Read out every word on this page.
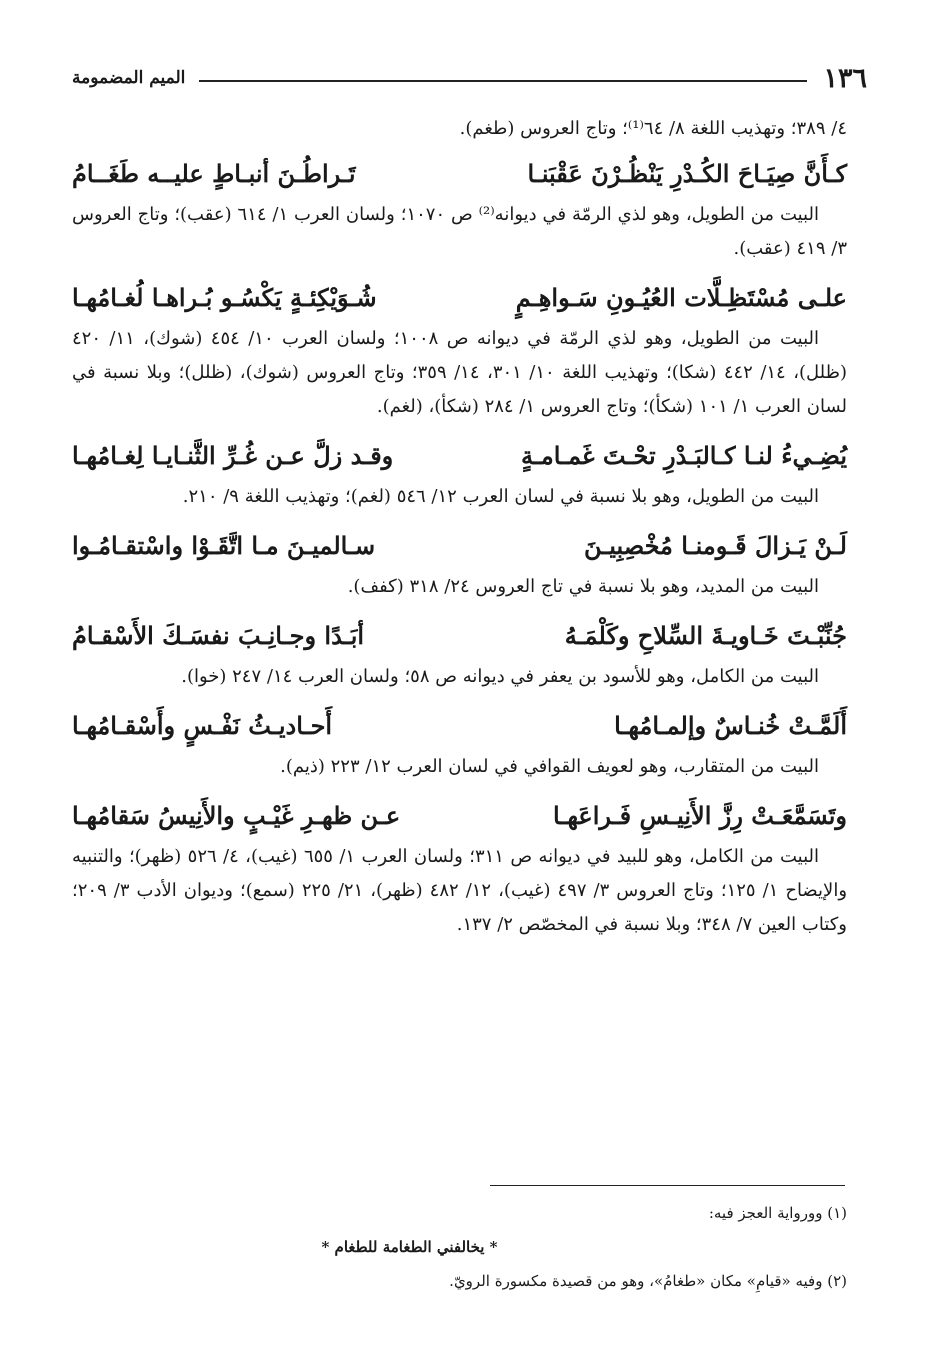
١٣٦
الميم المضمومة

٤/ ٣٨٩؛ وتهذيب اللغة ٨/ ٦٤⁽¹⁾؛ وتاج العروس (طغم).

كـأَنَّ صِيَـاحَ الكُـدْرِ يَنْظُـرْنَ عَقْبَنـا
تَـراطُـنَ أنبـاطٍ عليــه طَغَــامُ

البيت من الطويل، وهو لذي الرمّة في ديوانه⁽²⁾ ص ١٠٧٠؛ ولسان العرب ١/ ٦١٤ (عقب)؛ وتاج العروس ٣/ ٤١٩ (عقب).

علـى مُسْتَظِـلَّات العُيُـونِ سَـواهِـمٍ
شُـوَيْكِئـةٍ يَكْسُـو بُـراهـا لُغـامُهـا

البيت من الطويل، وهو لذي الرمّة في ديوانه ص ١٠٠٨؛ ولسان العرب ١٠/ ٤٥٤ (شوك)، ١١/ ٤٢٠ (ظلل)، ١٤/ ٤٤٢ (شكا)؛ وتهذيب اللغة ١٠/ ٣٠١، ١٤/ ٣٥٩؛ وتاج العروس (شوك)، (ظلل)؛ وبلا نسبة في لسان العرب ١/ ١٠١ (شكأ)؛ وتاج العروس ١/ ٢٨٤ (شكأ)، (لغم).

يُضِـيءُ لنـا كـالبَـدْرِ تحْـتَ غَمـامـةٍ
وقـد زلَّ عـن غُـرِّ الثَّنـايـا لِغـامُهـا

البيت من الطويل، وهو بلا نسبة في لسان العرب ١٢/ ٥٤٦ (لغم)؛ وتهذيب اللغة ٩/ ٢١٠.

لَـنْ يَـزالَ قَـومنـا مُخْصِبِيـنَ
سـالميـنَ مـا اتَّقَـوْا واسْتقـامُـوا

البيت من المديد، وهو بلا نسبة في تاج العروس ٢٤/ ٣١٨ (كفف).

جُنِّبْـتَ خَـاويـةَ السِّلاحِ وكَلْمَـهُ
أبَـدًا وجـانِـبَ نفسَـكَ الأَسْقـامُ

البيت من الكامل، وهو للأسود بن يعفر في ديوانه ص ٥٨؛ ولسان العرب ١٤/ ٢٤٧ (خوا).

أَلَمَّـتْ خُنـاسٌ وإلمـامُهـا
أَحـاديـثُ نَفْـسٍ وأَسْقـامُهـا

البيت من المتقارب، وهو لعويف القوافي في لسان العرب ١٢/ ٢٢٣ (ذيم).

وتَسَمَّعَـتْ رِزَّ الأَنِيـسِ فَـراعَهـا
عـن ظهـرِ غَيْـبٍ والأَنِيسُ سَقامُهـا

البيت من الكامل، وهو للبيد في ديوانه ص ٣١١؛ ولسان العرب ١/ ٦٥٥ (غيب)، ٤/ ٥٢٦ (ظهر)؛ والتنبيه والإيضاح ١/ ١٢٥؛ وتاج العروس ٣/ ٤٩٧ (غيب)، ١٢/ ٤٨٢ (ظهر)، ٢١/ ٢٢٥ (سمع)؛ وديوان الأدب ٣/ ٢٠٩؛ وكتاب العين ٧/ ٣٤٨؛ وبلا نسبة في المخصّص ٢/ ١٣٧.

(١) وورواية العجز فيه:

* يخالفني الطغامة للطغام *

(٢) وفيه «قيامِ» مكان «طغامُ»، وهو من قصيدة مكسورة الرويّ.
